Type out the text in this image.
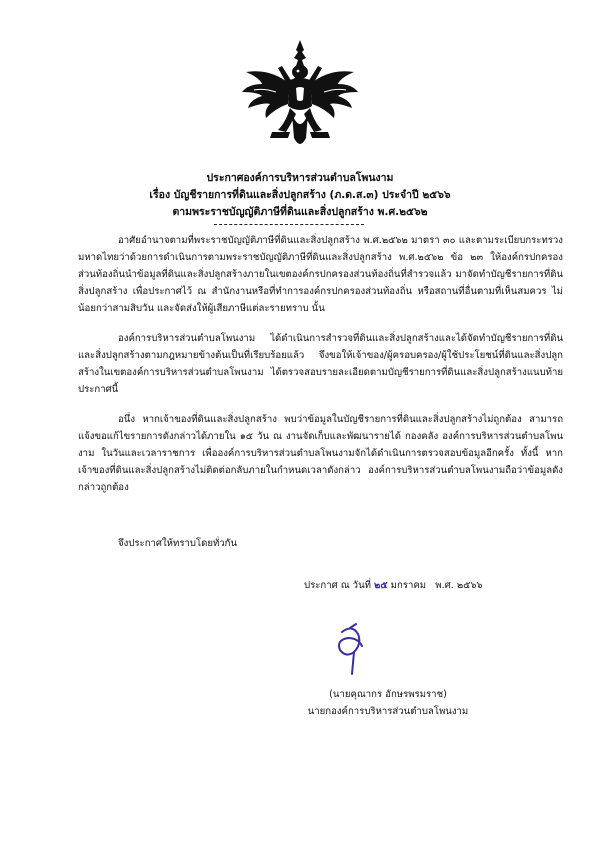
ประกาศองค์การบริหารส่วนตำบลโพนงาม
เรื่อง บัญชีรายการที่ดินและสิ่งปลูกสร้าง (ภ.ด.ส.๓) ประจำปี ๒๕๖๖
ตามพระราชบัญญัติภาษีที่ดินและสิ่งปลูกสร้าง พ.ศ.๒๕๖๒

อาศัยอำนาจตามที่พระราชบัญญัติภาษีที่ดินและสิ่งปลูกสร้าง พ.ศ.๒๕๖๒ มาตรา ๓๐ และตามระเบียบกระทรวงมหาดไทยว่าด้วยการดำเนินการตามพระราชบัญญัติภาษีที่ดินและสิ่งปลูกสร้าง พ.ศ.๒๕๖๒ ข้อ ๒๓ ให้องค์กรปกครองส่วนท้องถิ่นนำข้อมูลที่ดินและสิ่งปลูกสร้างภายในเขตองค์กรปกครองส่วนท้องถิ่นที่สำรวจแล้ว มาจัดทำบัญชีรายการที่ดินสิ่งปลูกสร้าง เพื่อประกาศไว้ ณ สำนักงานหรือที่ทำการองค์กรปกครองส่วนท้องถิ่น หรือสถานที่อื่นตามที่เห็นสมควร ไม่น้อยกว่าสามสิบวัน และจัดส่งให้ผู้เสียภาษีแต่ละรายทราบ นั้น

องค์การบริหารส่วนตำบลโพนงาม ได้ดำเนินการสำรวจที่ดินและสิ่งปลูกสร้างและได้จัดทำบัญชีรายการที่ดินและสิ่งปลูกสร้างตามกฎหมายข้างต้นเป็นที่เรียบร้อยแล้ว จึงขอให้เจ้าของ/ผู้ครอบครอง/ผู้ใช้ประโยชน์ที่ดินและสิ่งปลูกสร้างในเขตองค์การบริหารส่วนตำบลโพนงาม ได้ตรวจสอบรายละเอียดตามบัญชีรายการที่ดินและสิ่งปลูกสร้างแนบท้ายประกาศนี้

อนึ่ง หากเจ้าของที่ดินและสิ่งปลูกสร้าง พบว่าข้อมูลในบัญชีรายการที่ดินและสิ่งปลูกสร้างไม่ถูกต้อง สามารถแจ้งขอแก้ไขรายการดังกล่าวได้ภายใน ๑๕ วัน ณ งานจัดเก็บและพัฒนารายได้ กองคลัง องค์การบริหารส่วนตำบลโพนงาม ในวันและเวลาราชการ เพื่อองค์การบริหารส่วนตำบลโพนงามจักได้ดำเนินการตรวจสอบข้อมูลอีกครั้ง ทั้งนี้ หากเจ้าของที่ดินและสิ่งปลูกสร้างไม่ติดต่อกลับภายในกำหนดเวลาดังกล่าว องค์การบริหารส่วนตำบลโพนงามถือว่าข้อมูลดังกล่าวถูกต้อง

จึงประกาศให้ทราบโดยทั่วกัน
ประกาศ ณ วันที่ ๒๕ มกราคม พ.ศ. ๒๕๖๖
(นายคุณากร อักษรพรมราช)
นายกองค์การบริหารส่วนตำบลโพนงาม
